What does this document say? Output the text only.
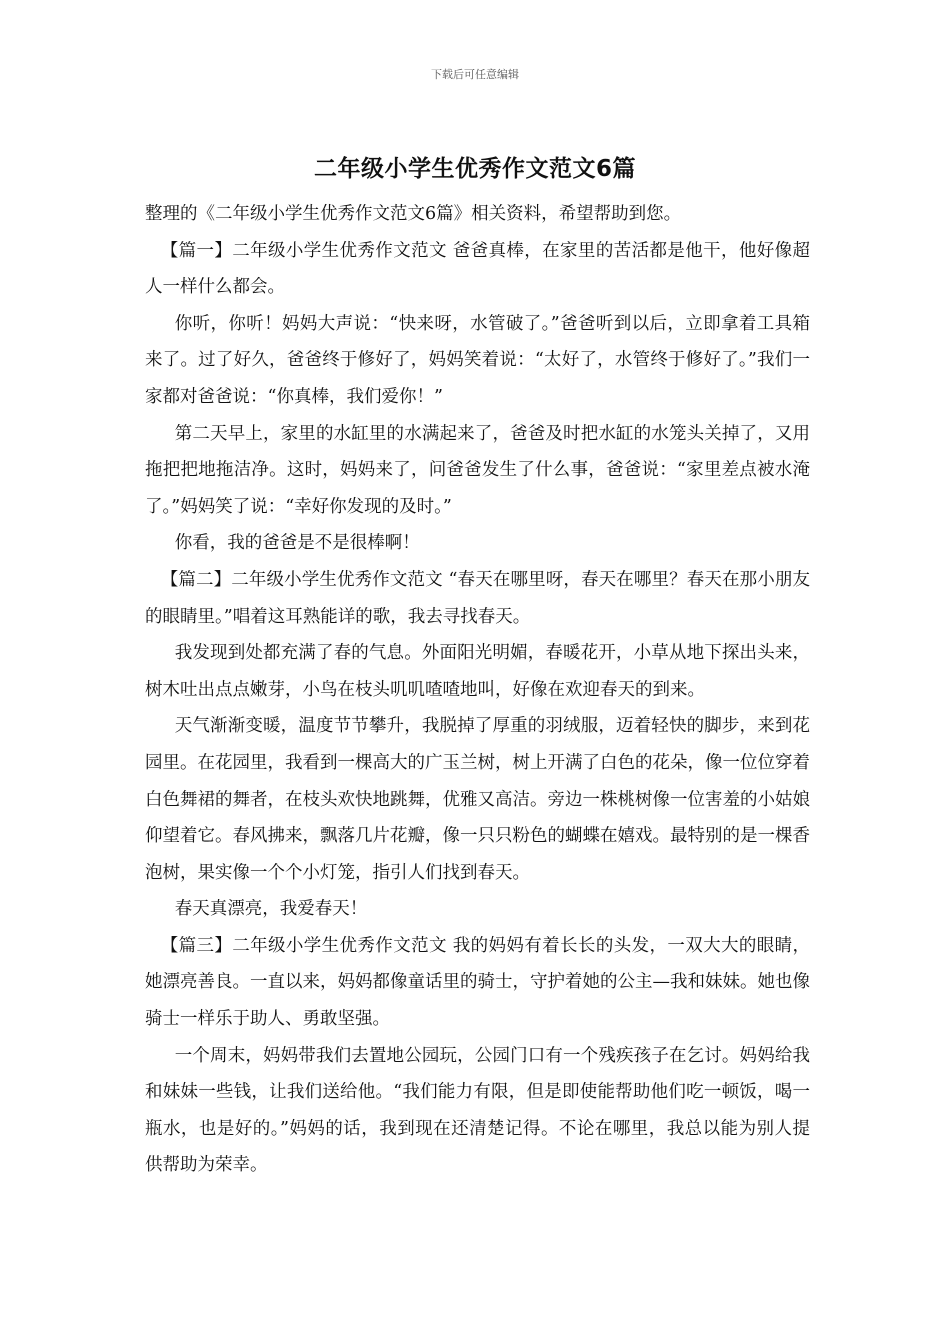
下载后可任意编辑
二年级小学生优秀作文范文6篇

整理的《二年级小学生优秀作文范文6篇》相关资料，希望帮助到您。

【篇一】二年级小学生优秀作文范文 爸爸真棒，在家里的苦活都是他干，他好像超人一样什么都会。

你听，你听！妈妈大声说：“快来呀，水管破了。”爸爸听到以后，立即拿着工具箱来了。过了好久，爸爸终于修好了，妈妈笑着说：“太好了，水管终于修好了。”我们一家都对爸爸说：“你真棒，我们爱你！”

第二天早上，家里的水缸里的水满起来了，爸爸及时把水缸的水笼头关掉了，又用拖把把地拖洁净。这时，妈妈来了，问爸爸发生了什么事，爸爸说：“家里差点被水淹了。”妈妈笑了说：“幸好你发现的及时。”

你看，我的爸爸是不是很棒啊！

【篇二】二年级小学生优秀作文范文 “春天在哪里呀，春天在哪里？春天在那小朋友的眼睛里。”唱着这耳熟能详的歌，我去寻找春天。

我发现到处都充满了春的气息。外面阳光明媚，春暖花开，小草从地下探出头来，树木吐出点点嫩芽，小鸟在枝头叽叽喳喳地叫，好像在欢迎春天的到来。

天气渐渐变暖，温度节节攀升，我脱掉了厚重的羽绒服，迈着轻快的脚步，来到花园里。在花园里，我看到一棵高大的广玉兰树，树上开满了白色的花朵，像一位位穿着白色舞裙的舞者，在枝头欢快地跳舞，优雅又高洁。旁边一株桃树像一位害羞的小姑娘仰望着它。春风拂来，飘落几片花瓣，像一只只粉色的蝴蝶在嬉戏。最特别的是一棵香泡树，果实像一个个小灯笼，指引人们找到春天。

春天真漂亮，我爱春天！

【篇三】二年级小学生优秀作文范文 我的妈妈有着长长的头发，一双大大的眼睛，她漂亮善良。一直以来，妈妈都像童话里的骑士，守护着她的公主—我和妹妹。她也像骑士一样乐于助人、勇敢坚强。

一个周末，妈妈带我们去置地公园玩，公园门口有一个残疾孩子在乞讨。妈妈给我和妹妹一些钱，让我们送给他。“我们能力有限，但是即使能帮助他们吃一顿饭，喝一瓶水，也是好的。”妈妈的话，我到现在还清楚记得。不论在哪里，我总以能为别人提供帮助为荣幸。
